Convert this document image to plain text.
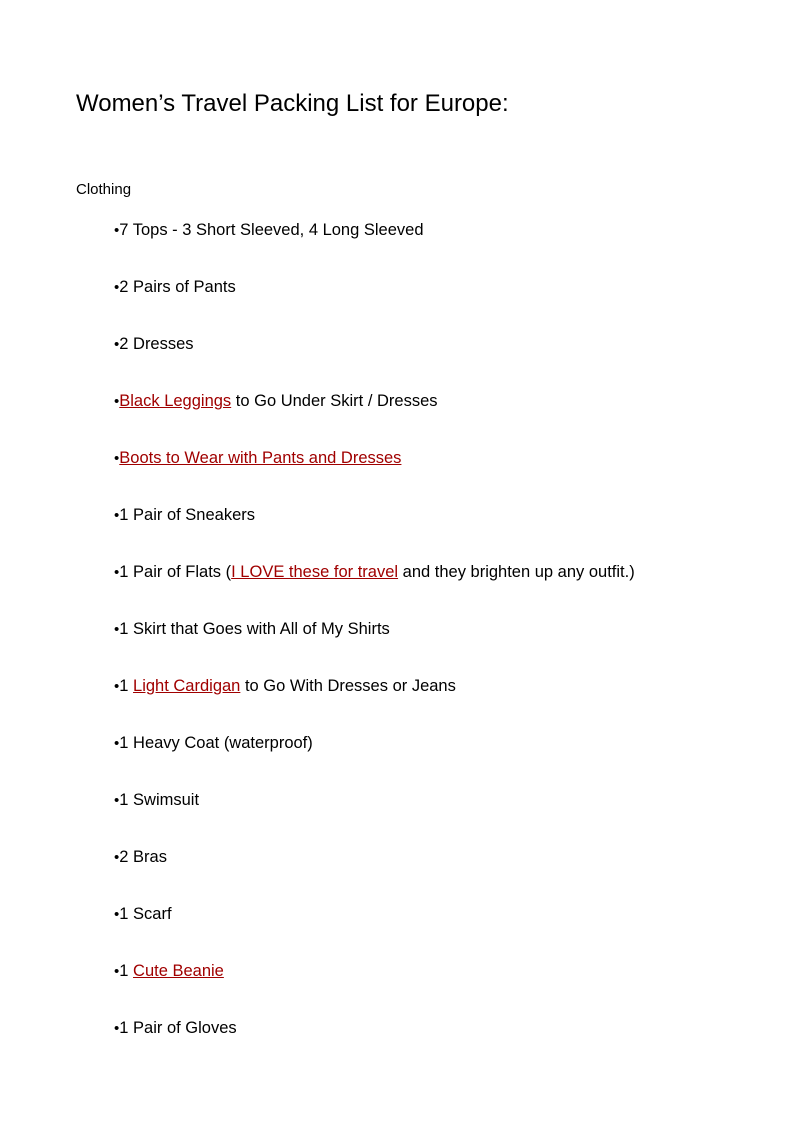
Women’s Travel Packing List for Europe:
Clothing
•7 Tops - 3 Short Sleeved, 4 Long Sleeved
•2 Pairs of Pants
•2 Dresses
•Black Leggings to Go Under Skirt / Dresses
•Boots to Wear with Pants and Dresses
•1 Pair of Sneakers
•1 Pair of Flats (I LOVE these for travel and they brighten up any outfit.)
•1 Skirt that Goes with All of My Shirts
•1 Light Cardigan to Go With Dresses or Jeans
•1 Heavy Coat (waterproof)
•1 Swimsuit
•2 Bras
•1 Scarf
•1 Cute Beanie
•1 Pair of Gloves
